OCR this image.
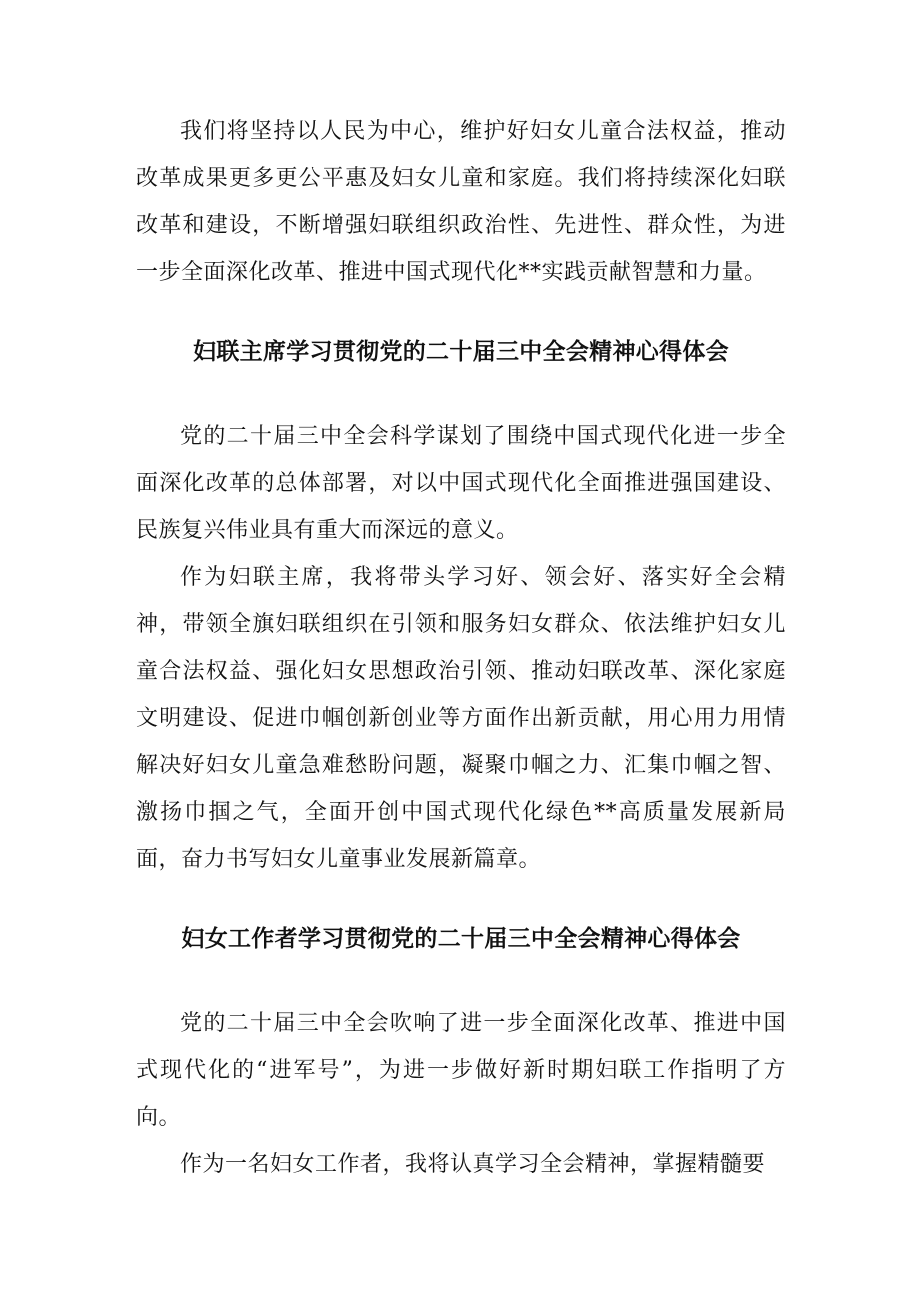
我们将坚持以人民为中心，维护好妇女儿童合法权益，推动改革成果更多更公平惠及妇女儿童和家庭。我们将持续深化妇联改革和建设，不断增强妇联组织政治性、先进性、群众性，为进一步全面深化改革、推进中国式现代化**实践贡献智慧和力量。

妇联主席学习贯彻党的二十届三中全会精神心得体会

党的二十届三中全会科学谋划了围绕中国式现代化进一步全面深化改革的总体部署，对以中国式现代化全面推进强国建设、民族复兴伟业具有重大而深远的意义。

作为妇联主席，我将带头学习好、领会好、落实好全会精神，带领全旗妇联组织在引领和服务妇女群众、依法维护妇女儿童合法权益、强化妇女思想政治引领、推动妇联改革、深化家庭文明建设、促进巾帼创新创业等方面作出新贡献，用心用力用情解决好妇女儿童急难愁盼问题，凝聚巾帼之力、汇集巾帼之智、激扬巾掴之气，全面开创中国式现代化绿色**高质量发展新局面，奋力书写妇女儿童事业发展新篇章。

妇女工作者学习贯彻党的二十届三中全会精神心得体会

党的二十届三中全会吹响了进一步全面深化改革、推进中国式现代化的“进军号”，为进一步做好新时期妇联工作指明了方向。

作为一名妇女工作者，我将认真学习全会精神，掌握精髓要
